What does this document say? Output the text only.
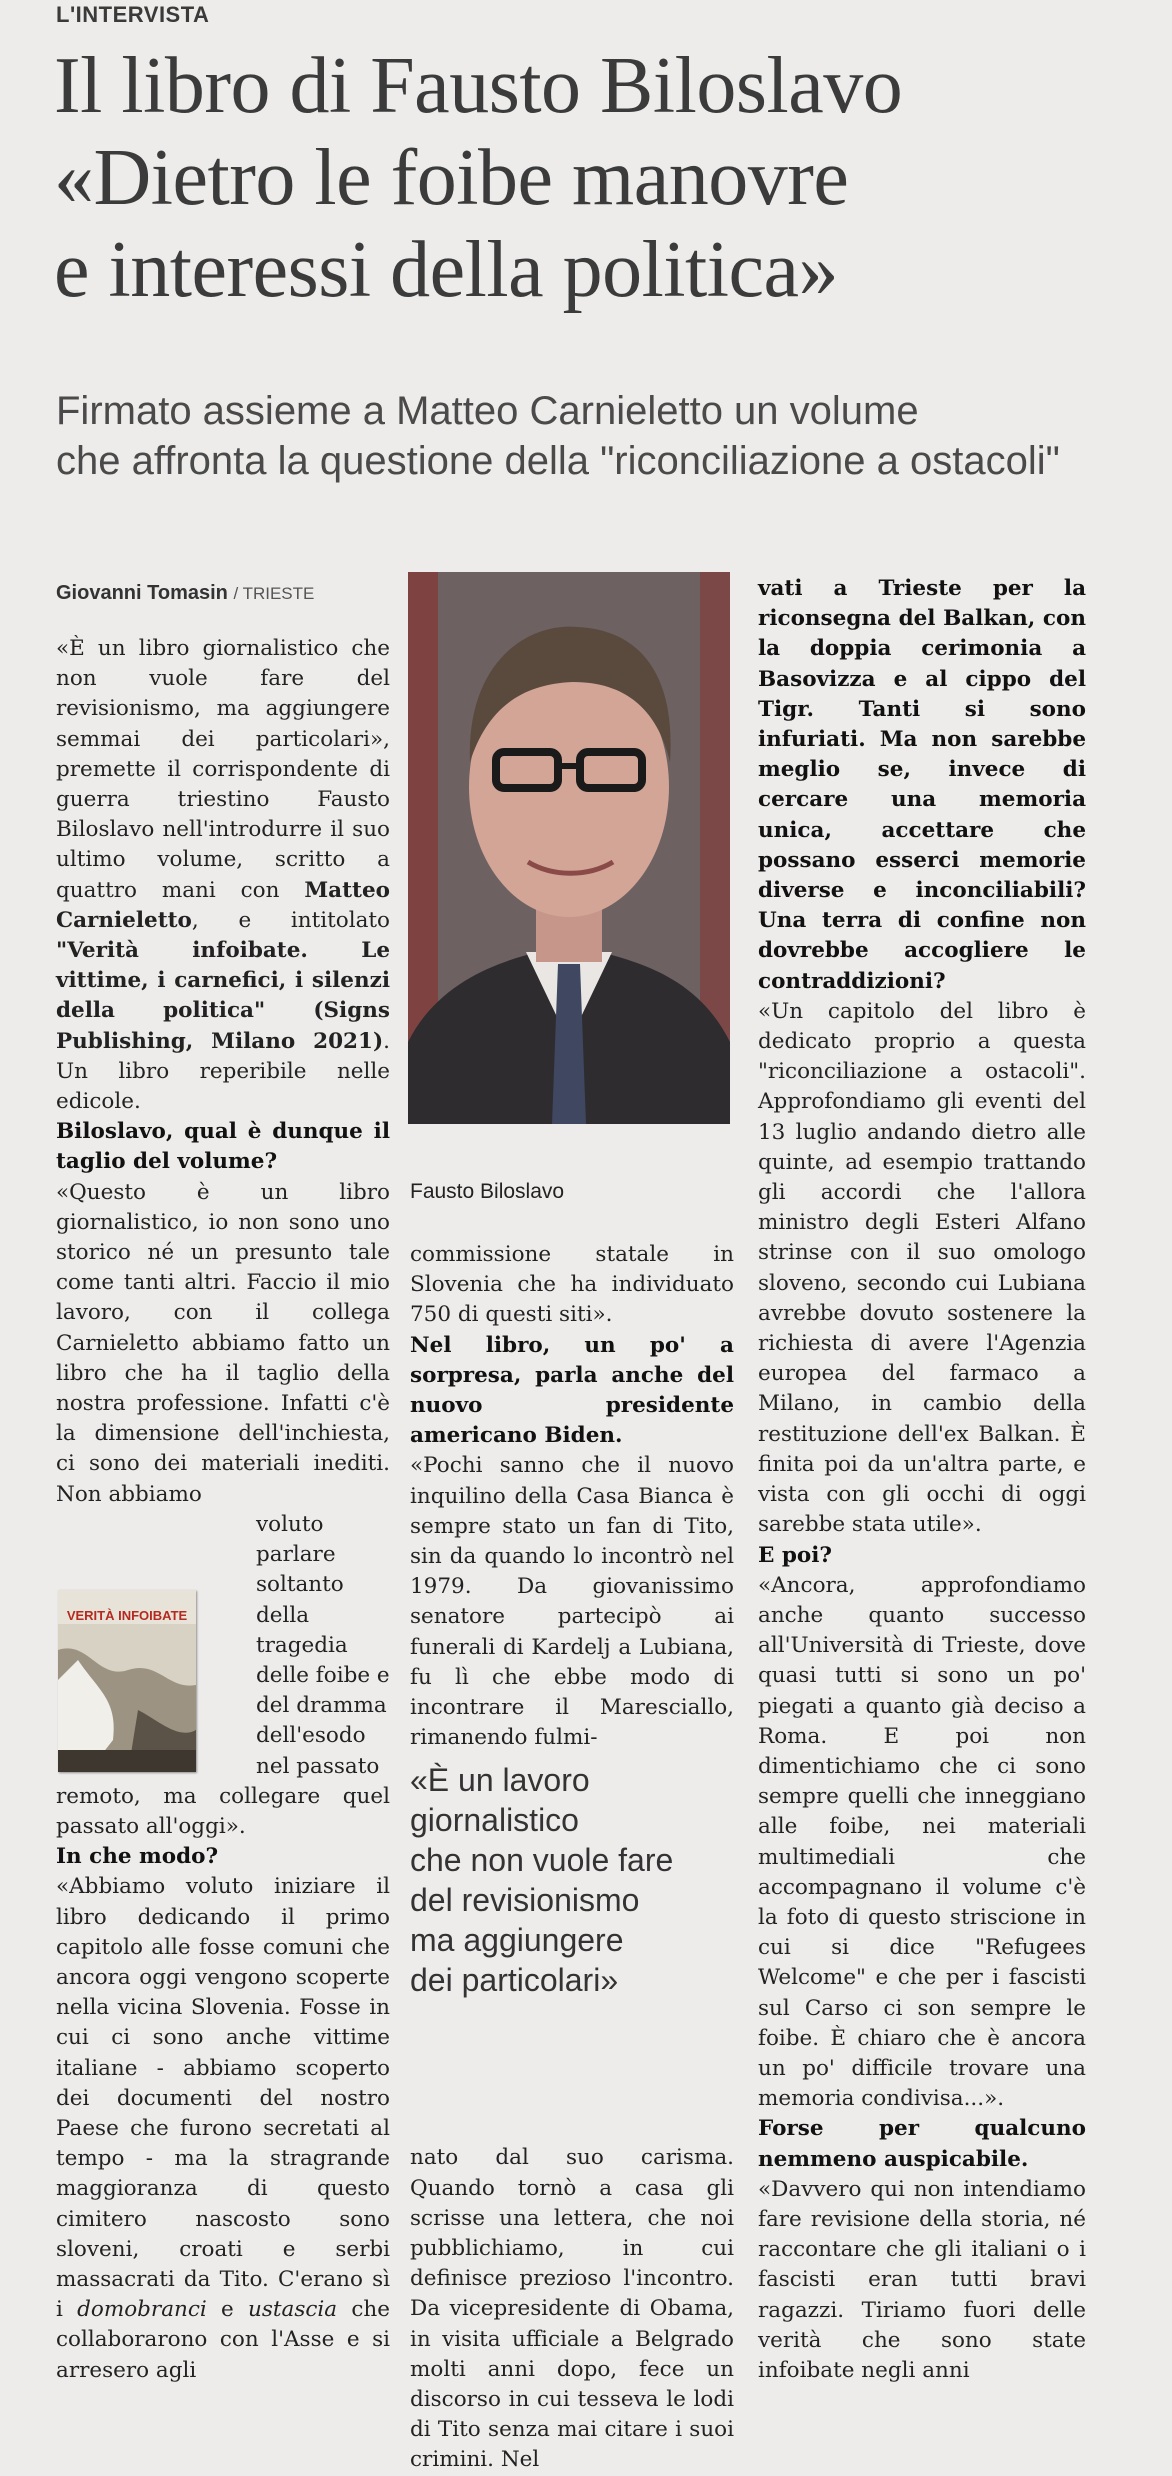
L'INTERVISTA
Il libro di Fausto Biloslavo
«Dietro le foibe manovre
e interessi della politica»
Firmato assieme a Matteo Carnieletto un volume
che affronta la questione della "riconciliazione a ostacoli"
Giovanni Tomasin / TRIESTE

«È un libro giornalistico che non vuole fare del revisionismo, ma aggiungere semmai dei particolari», premette il corrispondente di guerra triestino Fausto Biloslavo nell'introdurre il suo ultimo volume, scritto a quattro mani con Matteo Carnieletto, e intitolato "Verità infoibate. Le vittime, i carnefici, i silenzi della politica" (Signs Publishing, Milano 2021). Un libro reperibile nelle edicole.

Biloslavo, qual è dunque il taglio del volume?

«Questo è un libro giornalistico, io non sono uno storico né un presunto tale come tanti altri. Faccio il mio lavoro, con il collega Carnieletto abbiamo fatto un libro che ha il taglio della nostra professione. Infatti c'è la dimensione dell'inchiesta, ci sono dei materiali inediti. Non abbiamo

voluto parlare soltanto della tragedia delle foibe e del dramma dell'esodo nel passato

remoto, ma collegare quel passato all'oggi».

In che modo?

«Abbiamo voluto iniziare il libro dedicando il primo capitolo alle fosse comuni che ancora oggi vengono scoperte nella vicina Slovenia. Fosse in cui ci sono anche vittime italiane - abbiamo scoperto dei documenti del nostro Paese che furono secretati al tempo - ma la stragrande maggioranza di questo cimitero nascosto sono sloveni, croati e serbi massacrati da Tito. C'erano sì i domobranci e ustascia che collaborarono con l'Asse e si arresero agli

VERITÀ INFOIBATE
Fausto Biloslavo

commissione statale in Slovenia che ha individuato 750 di questi siti».

Nel libro, un po' a sorpresa, parla anche del nuovo presidente americano Biden.

«Pochi sanno che il nuovo inquilino della Casa Bianca è sempre stato un fan di Tito, sin da quando lo incontrò nel 1979. Da giovanissimo senatore partecipò ai funerali di Kardelj a Lubiana, fu lì che ebbe modo di incontrare il Maresciallo, rimanendo fulmi-

nato dal suo carisma. Quando tornò a casa gli scrisse una lettera, che noi pubblichiamo, in cui definisce prezioso l'incontro. Da vicepresidente di Obama, in visita ufficiale a Belgrado molti anni dopo, fece un discorso in cui tesseva le lodi di Tito senza mai citare i suoi crimini. Nel

«È un lavoro
giornalistico
che non vuole fare
del revisionismo
ma aggiungere
dei particolari»

vati a Trieste per la riconsegna del Balkan, con la doppia cerimonia a Basovizza e al cippo del Tigr. Tanti si sono infuriati. Ma non sarebbe meglio se, invece di cercare una memoria unica, accettare che possano esserci memorie diverse e inconciliabili? Una terra di confine non dovrebbe accogliere le contraddizioni?

«Un capitolo del libro è dedicato proprio a questa "riconciliazione a ostacoli". Approfondiamo gli eventi del 13 luglio andando dietro alle quinte, ad esempio trattando gli accordi che l'allora ministro degli Esteri Alfano strinse con il suo omologo sloveno, secondo cui Lubiana avrebbe dovuto sostenere la richiesta di avere l'Agenzia europea del farmaco a Milano, in cambio della restituzione dell'ex Balkan. È finita poi da un'altra parte, e vista con gli occhi di oggi sarebbe stata utile».

E poi?

«Ancora, approfondiamo anche quanto successo all'Università di Trieste, dove quasi tutti si sono un po' piegati a quanto già deciso a Roma. E poi non dimentichiamo che ci sono sempre quelli che inneggiano alle foibe, nei materiali multimediali che accompagnano il volume c'è la foto di questo striscione in cui si dice "Refugees Welcome" e che per i fascisti sul Carso ci son sempre le foibe. È chiaro che è ancora un po' difficile trovare una memoria condivisa...».

Forse per qualcuno nemmeno auspicabile.

«Davvero qui non intendiamo fare revisione della storia, né raccontare che gli italiani o i fascisti eran tutti bravi ragazzi. Tiriamo fuori delle verità che sono state infoibate negli anni
